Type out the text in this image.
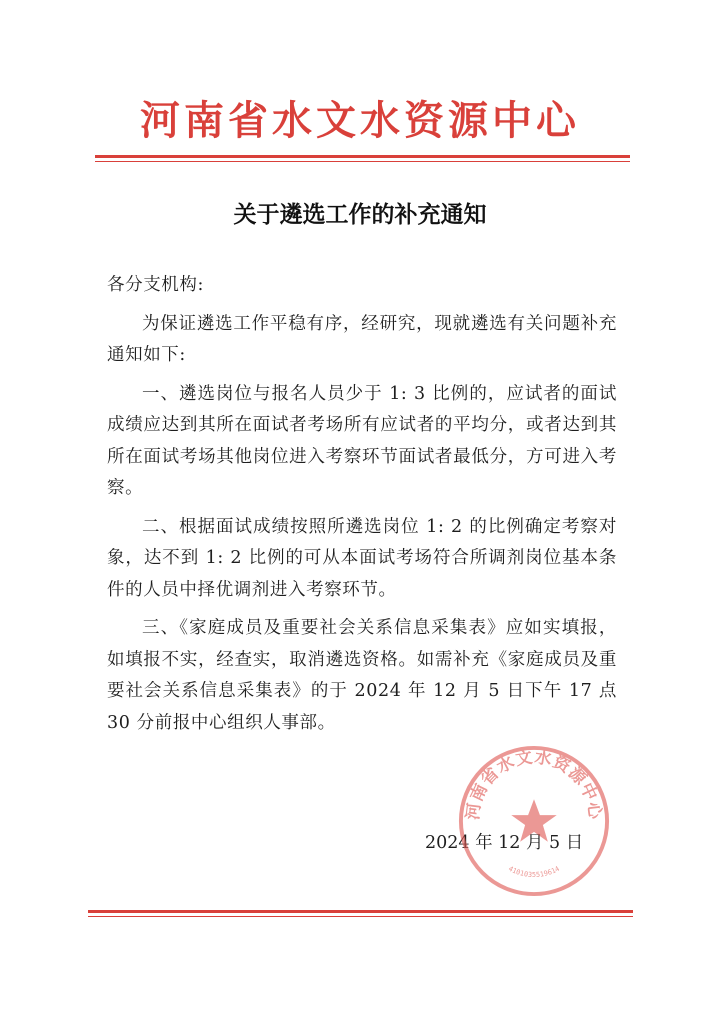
河南省水文水资源中心
关于遴选工作的补充通知

各分支机构:

为保证遴选工作平稳有序，经研究，现就遴选有关问题补充通知如下:

一、遴选岗位与报名人员少于 1: 3 比例的，应试者的面试成绩应达到其所在面试者考场所有应试者的平均分，或者达到其所在面试考场其他岗位进入考察环节面试者最低分，方可进入考察。

二、根据面试成绩按照所遴选岗位 1: 2 的比例确定考察对象，达不到 1: 2 比例的可从本面试考场符合所调剂岗位基本条件的人员中择优调剂进入考察环节。

三、《家庭成员及重要社会关系信息采集表》应如实填报，如填报不实，经查实，取消遴选资格。如需补充《家庭成员及重要社会关系信息采集表》的于 2024 年 12 月 5 日下午 17 点 30 分前报中心组织人事部。

2024 年 12 月 5 日
河南省水文水资源中心
4101035519614
